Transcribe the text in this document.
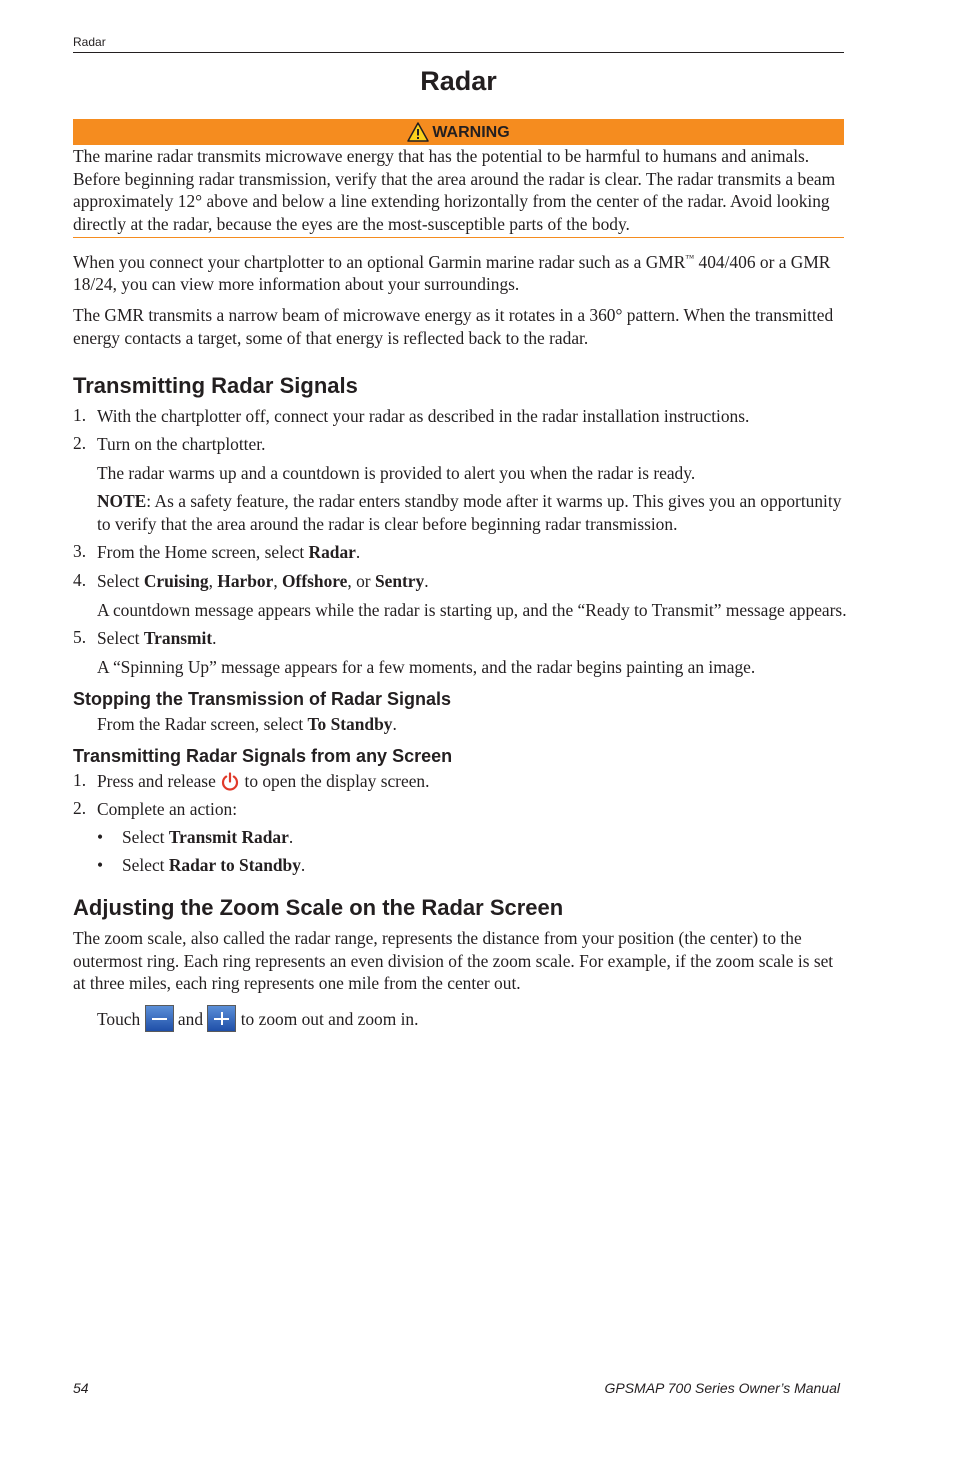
Radar
Radar
WARNING
The marine radar transmits microwave energy that has the potential to be harmful to humans and animals. Before beginning radar transmission, verify that the area around the radar is clear. The radar transmits a beam approximately 12° above and below a line extending horizontally from the center of the radar. Avoid looking directly at the radar, because the eyes are the most-susceptible parts of the body.

When you connect your chartplotter to an optional Garmin marine radar such as a GMR™ 404/406 or a GMR 18/24, you can view more information about your surroundings.

The GMR transmits a narrow beam of microwave energy as it rotates in a 360° pattern. When the transmitted energy contacts a target, some of that energy is reflected back to the radar.

Transmitting Radar Signals
1. With the chartplotter off, connect your radar as described in the radar installation instructions.
2. Turn on the chartplotter.
The radar warms up and a countdown is provided to alert you when the radar is ready.
NOTE: As a safety feature, the radar enters standby mode after it warms up. This gives you an opportunity to verify that the area around the radar is clear before beginning radar transmission.
3. From the Home screen, select Radar.
4. Select Cruising, Harbor, Offshore, or Sentry.
A countdown message appears while the radar is starting up, and the “Ready to Transmit” message appears.
5. Select Transmit.
A “Spinning Up” message appears for a few moments, and the radar begins painting an image.
Stopping the Transmission of Radar Signals
From the Radar screen, select To Standby.
Transmitting Radar Signals from any Screen
1. Press and release  to open the display screen.
2. Complete an action:
• Select Transmit Radar.
• Select Radar to Standby.
Adjusting the Zoom Scale on the Radar Screen

The zoom scale, also called the radar range, represents the distance from your position (the center) to the outermost ring. Each ring represents an even division of the zoom scale. For example, if the zoom scale is set at three miles, each ring represents one mile from the center out.

Touch
and
to zoom out and zoom in.
54	GPSMAP 700 Series Owner’s Manual
